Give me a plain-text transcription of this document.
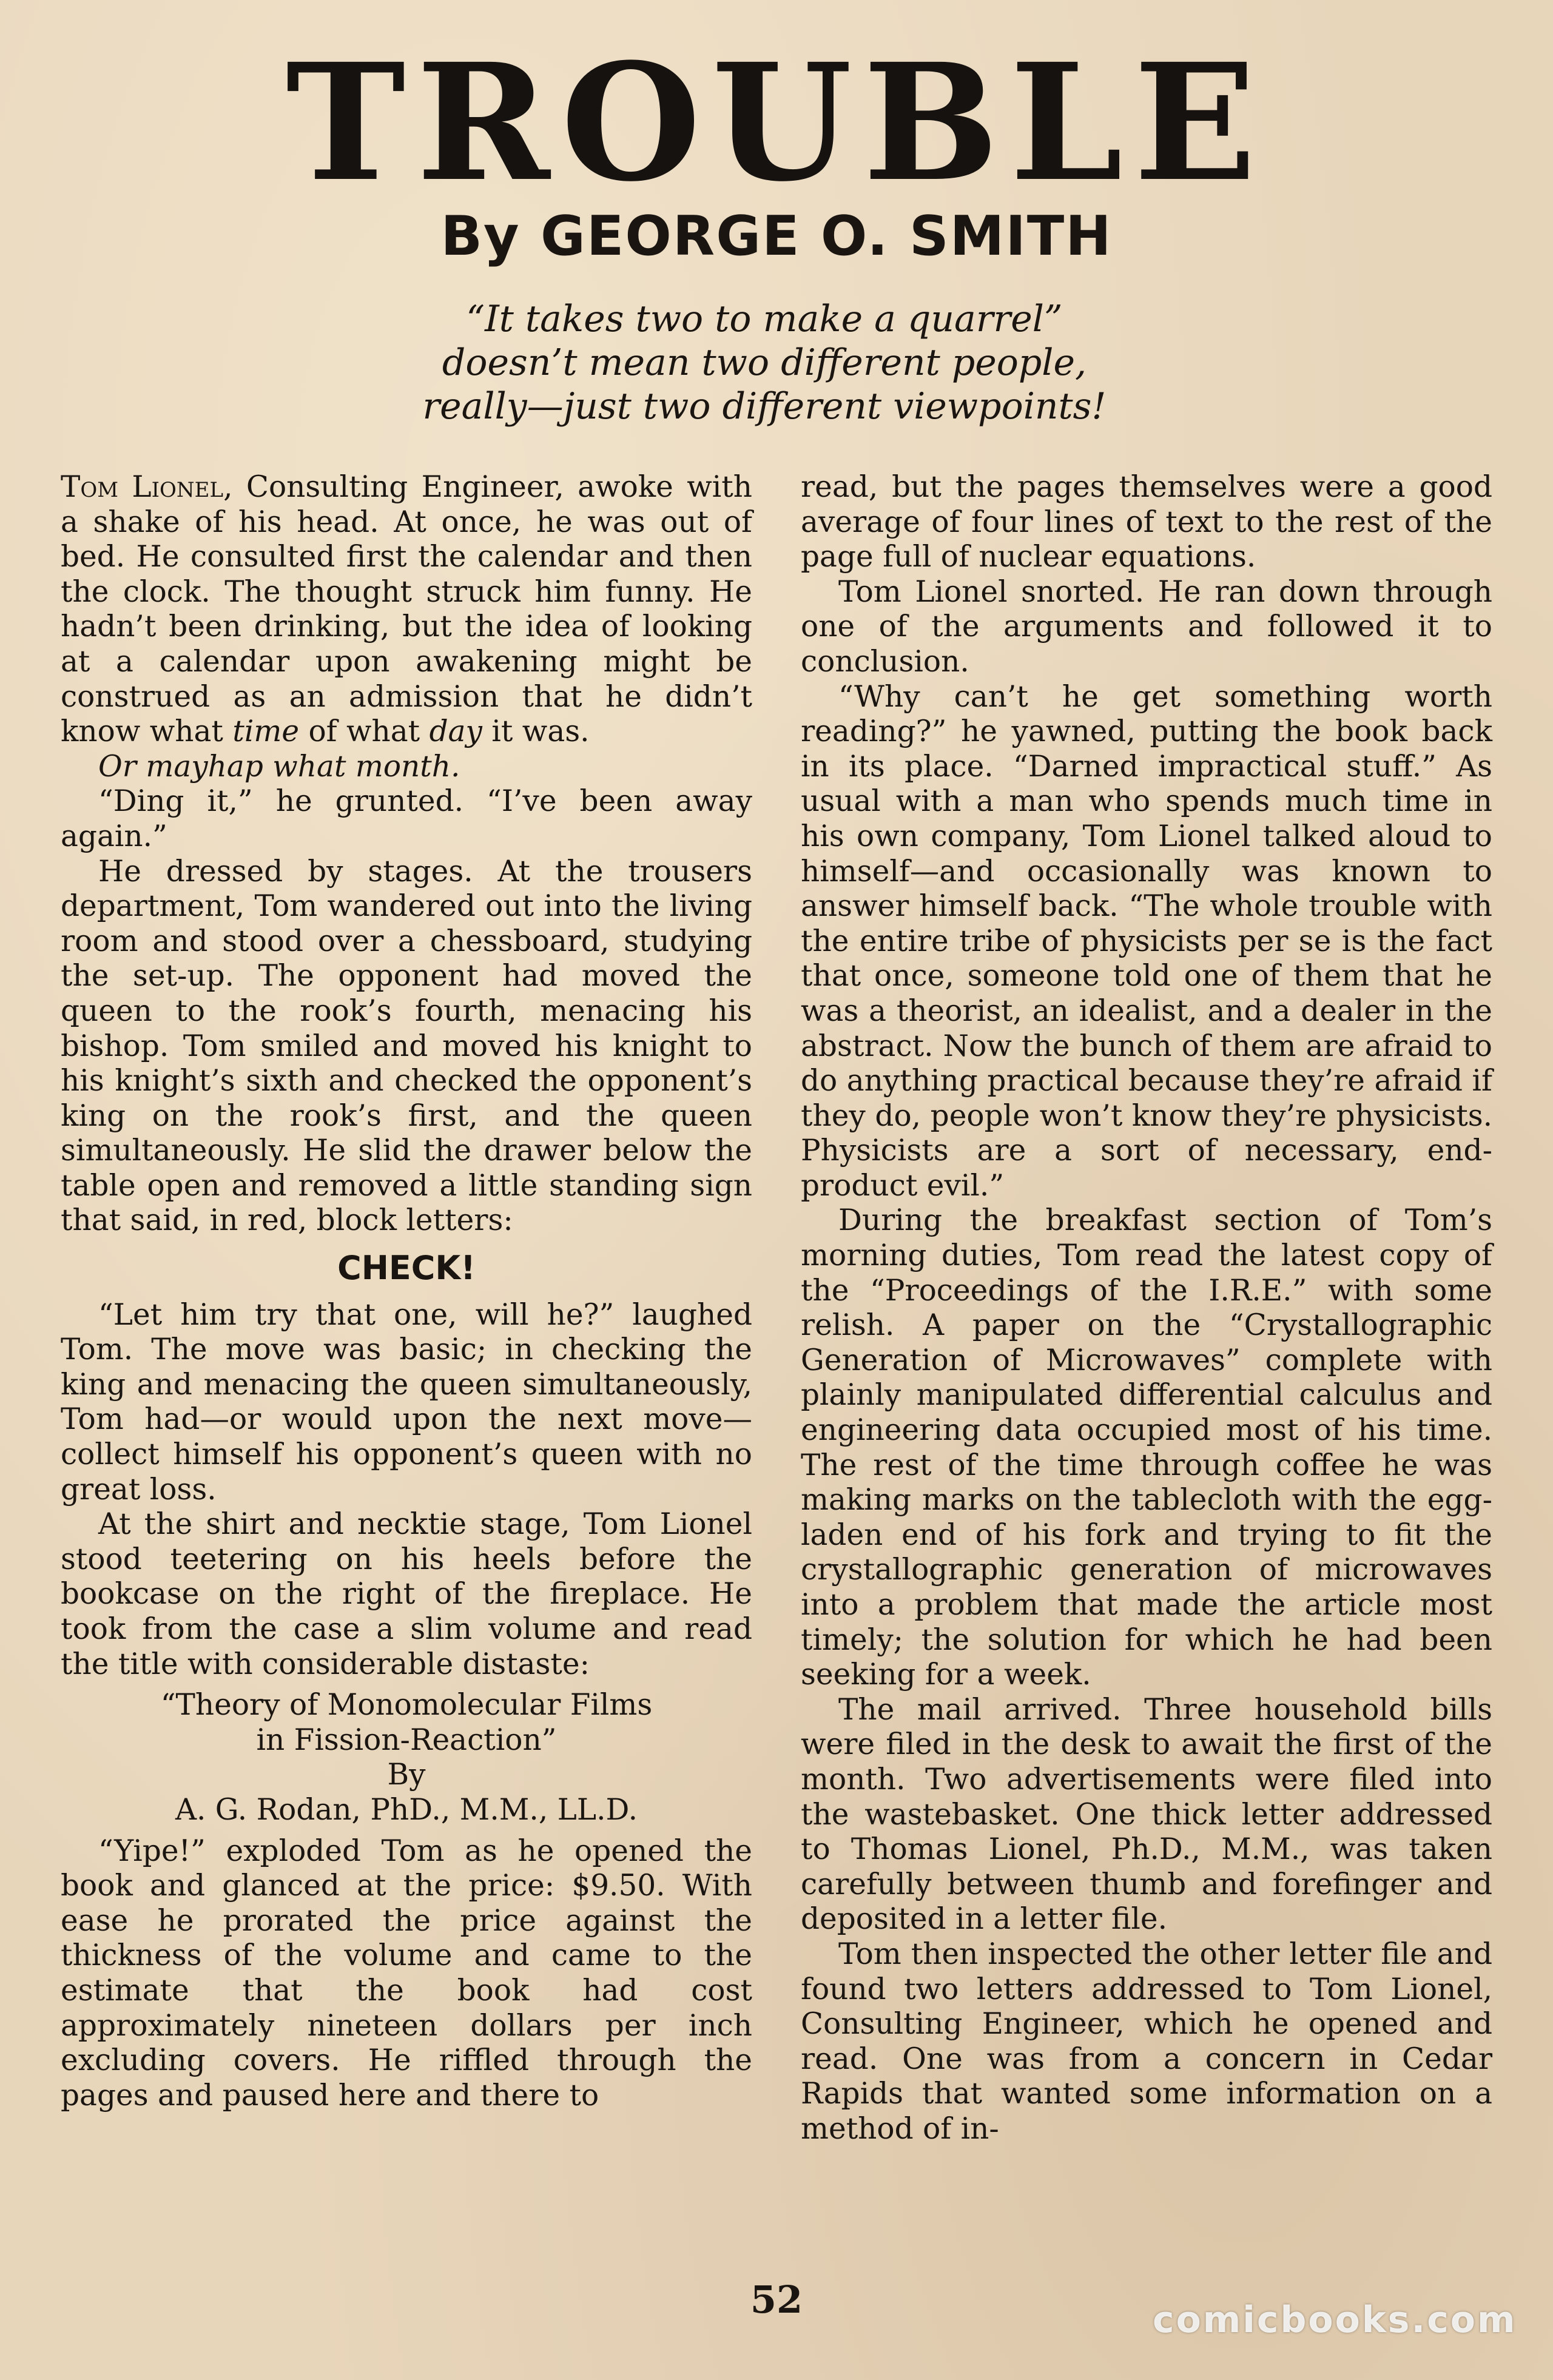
TROUBLE
By GEORGE O. SMITH
“It takes two to make a quarrel”
doesn’t mean two different people,
really—just two different viewpoints!

Tom Lionel, Consulting Engineer, awoke with a shake of his head. At once, he was out of bed. He consulted first the calendar and then the clock. The thought struck him funny. He hadn’t been drinking, but the idea of looking at a calendar upon awakening might be construed as an admission that he didn’t know what time of what day it was.

Or mayhap what month.

“Ding it,” he grunted. “I’ve been away again.”

He dressed by stages. At the trousers department, Tom wandered out into the living room and stood over a chessboard, studying the set-up. The opponent had moved the queen to the rook’s fourth, menacing his bishop. Tom smiled and moved his knight to his knight’s sixth and checked the opponent’s king on the rook’s first, and the queen simultaneously. He slid the drawer below the table open and removed a little standing sign that said, in red, block letters:

CHECK!

“Let him try that one, will he?” laughed Tom. The move was basic; in checking the king and menacing the queen simultaneously, Tom had—or would upon the next move—collect himself his opponent’s queen with no great loss.

At the shirt and necktie stage, Tom Lionel stood teetering on his heels before the bookcase on the right of the fireplace. He took from the case a slim volume and read the title with considerable distaste:

“Theory of Monomolecular Films
in Fission-Reaction”
By
A. G. Rodan, PhD., M.M., LL.D.

“Yipe!” exploded Tom as he opened the book and glanced at the price: $9.50. With ease he prorated the price against the thickness of the volume and came to the estimate that the book had cost approximately nineteen dollars per inch excluding covers. He riffled through the pages and paused here and there to

read, but the pages themselves were a good average of four lines of text to the rest of the page full of nuclear equations.

Tom Lionel snorted. He ran down through one of the arguments and followed it to conclusion.

“Why can’t he get something worth reading?” he yawned, putting the book back in its place. “Darned impractical stuff.” As usual with a man who spends much time in his own company, Tom Lionel talked aloud to himself—and occasionally was known to answer himself back. “The whole trouble with the entire tribe of physicists per se is the fact that once, someone told one of them that he was a theorist, an idealist, and a dealer in the abstract. Now the bunch of them are afraid to do anything practical because they’re afraid if they do, people won’t know they’re physicists. Physicists are a sort of necessary, end-product evil.”

During the breakfast section of Tom’s morning duties, Tom read the latest copy of the “Proceedings of the I.R.E.” with some relish. A paper on the “Crystallographic Generation of Microwaves” complete with plainly manipulated differential calculus and engineering data occupied most of his time. The rest of the time through coffee he was making marks on the tablecloth with the egg-laden end of his fork and trying to fit the crystallographic generation of microwaves into a problem that made the article most timely; the solution for which he had been seeking for a week.

The mail arrived. Three household bills were filed in the desk to await the first of the month. Two advertisements were filed into the wastebasket. One thick letter addressed to Thomas Lionel, Ph.D., M.M., was taken carefully between thumb and forefinger and deposited in a letter file.

Tom then inspected the other letter file and found two letters addressed to Tom Lionel, Consulting Engineer, which he opened and read. One was from a concern in Cedar Rapids that wanted some information on a method of in-

52	comicbooks.com
